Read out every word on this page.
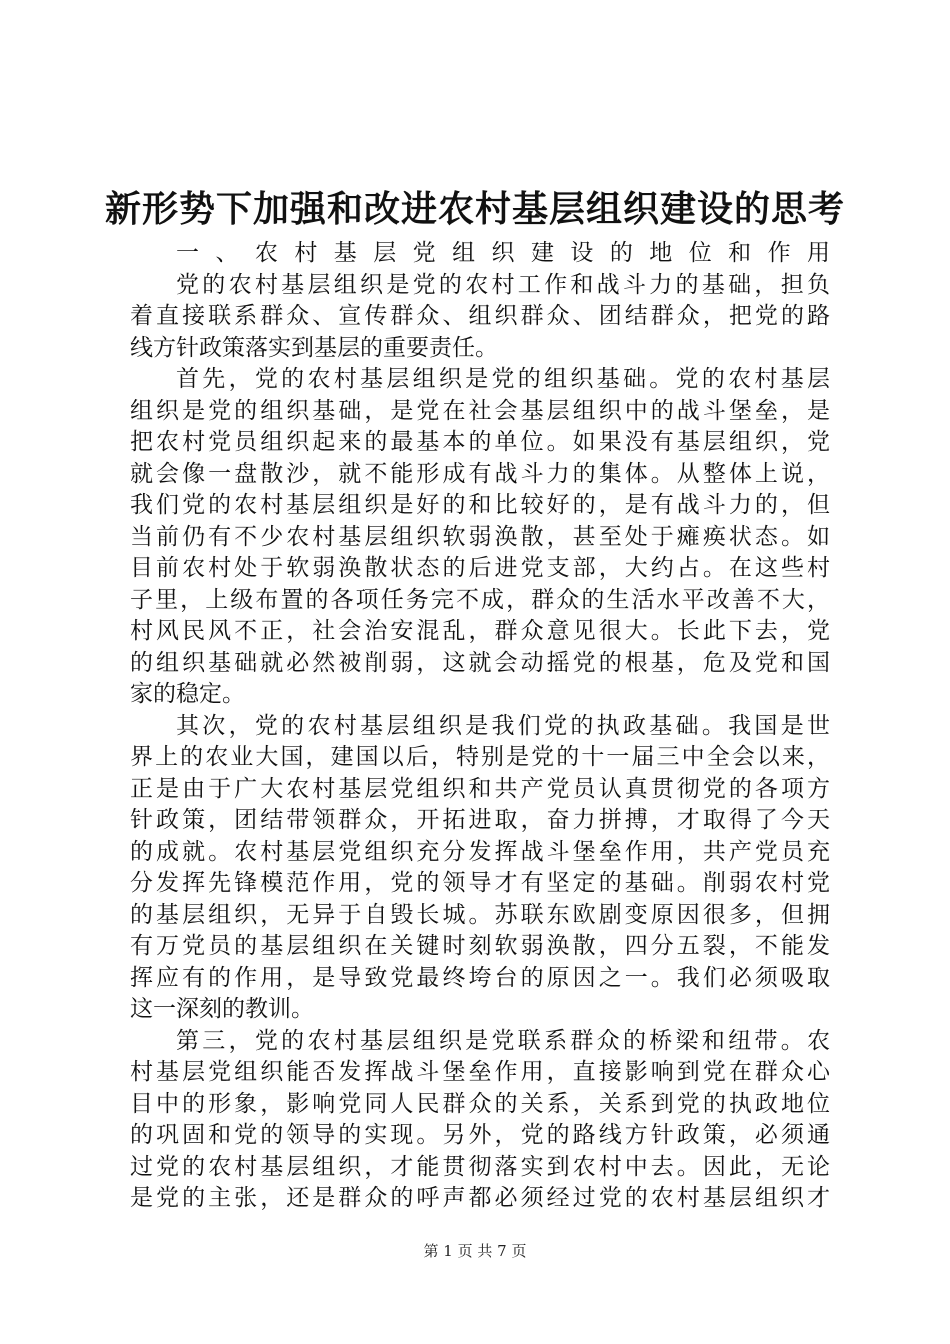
新形势下加强和改进农村基层组织建设的思考
一、农村基层党组织建设的地位和作用
党的农村基层组织是党的农村工作和战斗力的基础，担负
着直接联系群众、宣传群众、组织群众、团结群众，把党的路
线方针政策落实到基层的重要责任。
首先，党的农村基层组织是党的组织基础。党的农村基层
组织是党的组织基础，是党在社会基层组织中的战斗堡垒，是
把农村党员组织起来的最基本的单位。如果没有基层组织，党
就会像一盘散沙，就不能形成有战斗力的集体。从整体上说，
我们党的农村基层组织是好的和比较好的，是有战斗力的，但
当前仍有不少农村基层组织软弱涣散，甚至处于瘫痪状态。如
目前农村处于软弱涣散状态的后进党支部，大约占。在这些村
子里，上级布置的各项任务完不成，群众的生活水平改善不大，
村风民风不正，社会治安混乱，群众意见很大。长此下去，党
的组织基础就必然被削弱，这就会动摇党的根基，危及党和国
家的稳定。
其次，党的农村基层组织是我们党的执政基础。我国是世
界上的农业大国，建国以后，特别是党的十一届三中全会以来，
正是由于广大农村基层党组织和共产党员认真贯彻党的各项方
针政策，团结带领群众，开拓进取，奋力拼搏，才取得了今天
的成就。农村基层党组织充分发挥战斗堡垒作用，共产党员充
分发挥先锋模范作用，党的领导才有坚定的基础。削弱农村党
的基层组织，无异于自毁长城。苏联东欧剧变原因很多，但拥
有万党员的基层组织在关键时刻软弱涣散，四分五裂，不能发
挥应有的作用，是导致党最终垮台的原因之一。我们必须吸取
这一深刻的教训。
第三，党的农村基层组织是党联系群众的桥梁和纽带。农
村基层党组织能否发挥战斗堡垒作用，直接影响到党在群众心
目中的形象，影响党同人民群众的关系，关系到党的执政地位
的巩固和党的领导的实现。另外，党的路线方针政策，必须通
过党的农村基层组织，才能贯彻落实到农村中去。因此，无论
是党的主张，还是群众的呼声都必须经过党的农村基层组织才
第 1 页 共 7 页
